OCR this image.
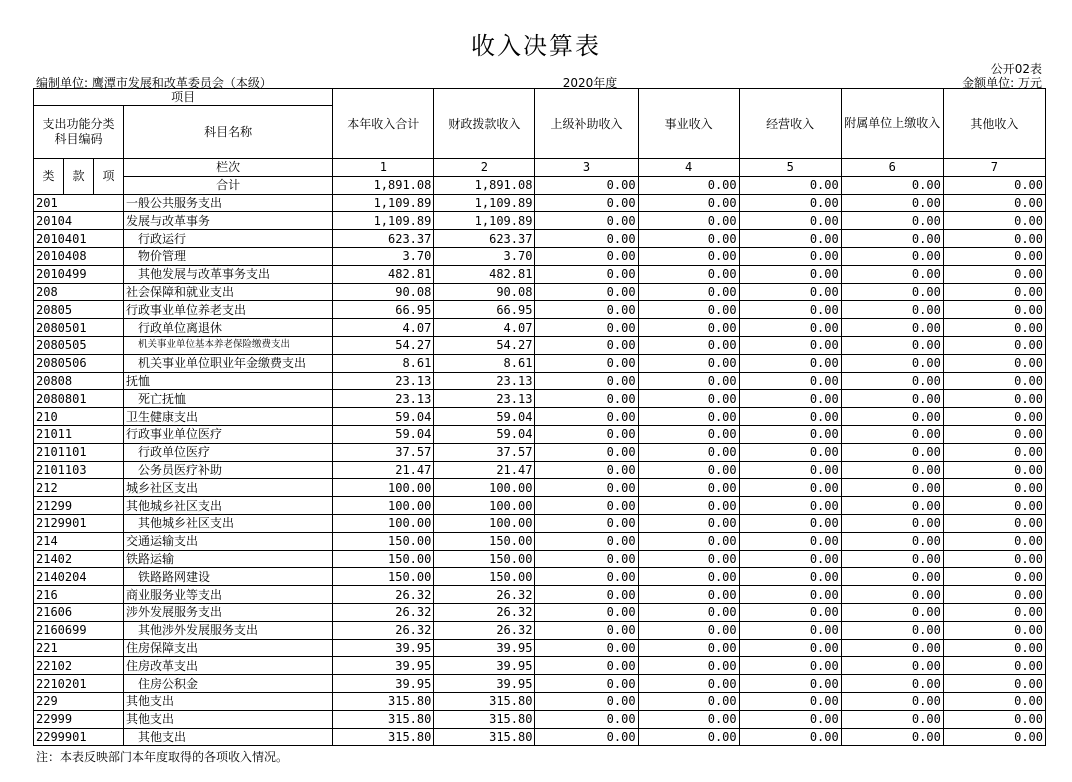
收入决算表
公开02表
编制单位: 鹰潭市发展和改革委员会（本级）	2020年度	金额单位: 万元
项目				本年收入合计	财政拨款收入	上级补助收入	事业收入	经营收入	附属单位上缴收入	其他收入
支出功能分类科目编码			科目名称							
类	款	项	栏次	1	2	3	4	5	6	7
			合计	1,891.08	1,891.08	0.00	0.00	0.00	0.00	0.00
201			一般公共服务支出	1,109.89	1,109.89	0.00	0.00	0.00	0.00	0.00
20104			发展与改革事务	1,109.89	1,109.89	0.00	0.00	0.00	0.00	0.00
2010401			行政运行	623.37	623.37	0.00	0.00	0.00	0.00	0.00
2010408			物价管理	3.70	3.70	0.00	0.00	0.00	0.00	0.00
2010499			其他发展与改革事务支出	482.81	482.81	0.00	0.00	0.00	0.00	0.00
208			社会保障和就业支出	90.08	90.08	0.00	0.00	0.00	0.00	0.00
20805			行政事业单位养老支出	66.95	66.95	0.00	0.00	0.00	0.00	0.00
2080501			行政单位离退休	4.07	4.07	0.00	0.00	0.00	0.00	0.00
2080505			机关事业单位基本养老保险缴费支出	54.27	54.27	0.00	0.00	0.00	0.00	0.00
2080506			机关事业单位职业年金缴费支出	8.61	8.61	0.00	0.00	0.00	0.00	0.00
20808			抚恤	23.13	23.13	0.00	0.00	0.00	0.00	0.00
2080801			死亡抚恤	23.13	23.13	0.00	0.00	0.00	0.00	0.00
210			卫生健康支出	59.04	59.04	0.00	0.00	0.00	0.00	0.00
21011			行政事业单位医疗	59.04	59.04	0.00	0.00	0.00	0.00	0.00
2101101			行政单位医疗	37.57	37.57	0.00	0.00	0.00	0.00	0.00
2101103			公务员医疗补助	21.47	21.47	0.00	0.00	0.00	0.00	0.00
212			城乡社区支出	100.00	100.00	0.00	0.00	0.00	0.00	0.00
21299			其他城乡社区支出	100.00	100.00	0.00	0.00	0.00	0.00	0.00
2129901			其他城乡社区支出	100.00	100.00	0.00	0.00	0.00	0.00	0.00
214			交通运输支出	150.00	150.00	0.00	0.00	0.00	0.00	0.00
21402			铁路运输	150.00	150.00	0.00	0.00	0.00	0.00	0.00
2140204			铁路路网建设	150.00	150.00	0.00	0.00	0.00	0.00	0.00
216			商业服务业等支出	26.32	26.32	0.00	0.00	0.00	0.00	0.00
21606			涉外发展服务支出	26.32	26.32	0.00	0.00	0.00	0.00	0.00
2160699			其他涉外发展服务支出	26.32	26.32	0.00	0.00	0.00	0.00	0.00
221			住房保障支出	39.95	39.95	0.00	0.00	0.00	0.00	0.00
22102			住房改革支出	39.95	39.95	0.00	0.00	0.00	0.00	0.00
2210201			住房公积金	39.95	39.95	0.00	0.00	0.00	0.00	0.00
229			其他支出	315.80	315.80	0.00	0.00	0.00	0.00	0.00
22999			其他支出	315.80	315.80	0.00	0.00	0.00	0.00	0.00
2299901			其他支出	315.80	315.80	0.00	0.00	0.00	0.00	0.00
注：本表反映部门本年度取得的各项收入情况。
